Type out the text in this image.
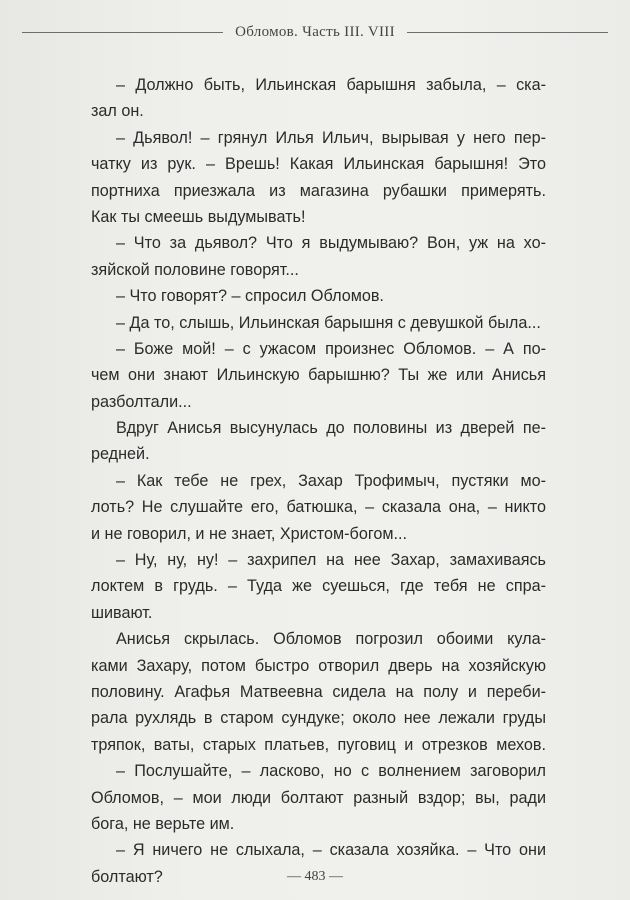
Обломов. Часть III. VIII
– Должно быть, Ильинская барышня забыла, – ска-
зал он.
– Дьявол! – грянул Илья Ильич, вырывая у него пер-
чатку из рук. – Врешь! Какая Ильинская барышня! Это
портниха приезжала из магазина рубашки примерять.
Как ты смеешь выдумывать!
– Что за дьявол? Что я выдумываю? Вон, уж на хо-
зяйской половине говорят...
– Что говорят? – спросил Обломов.
– Да то, слышь, Ильинская барышня с девушкой была...
– Боже мой! – с ужасом произнес Обломов. – А по-
чем они знают Ильинскую барышню? Ты же или Анисья
разболтали...
Вдруг Анисья высунулась до половины из дверей пе-
редней.
– Как тебе не грех, Захар Трофимыч, пустяки мо-
лоть? Не слушайте его, батюшка, – сказала она, – никто
и не говорил, и не знает, Христом-богом...
– Ну, ну, ну! – захрипел на нее Захар, замахиваясь
локтем в грудь. – Туда же суешься, где тебя не спра-
шивают.
Анисья скрылась. Обломов погрозил обоими кула-
ками Захару, потом быстро отворил дверь на хозяйскую
половину. Агафья Матвеевна сидела на полу и переби-
рала рухлядь в старом сундуке; около нее лежали груды
тряпок, ваты, старых платьев, пуговиц и отрезков мехов.
– Послушайте, – ласково, но с волнением заговорил
Обломов, – мои люди болтают разный вздор; вы, ради
бога, не верьте им.
– Я ничего не слыхала, – сказала хозяйка. – Что они
болтают?	— 483 —
